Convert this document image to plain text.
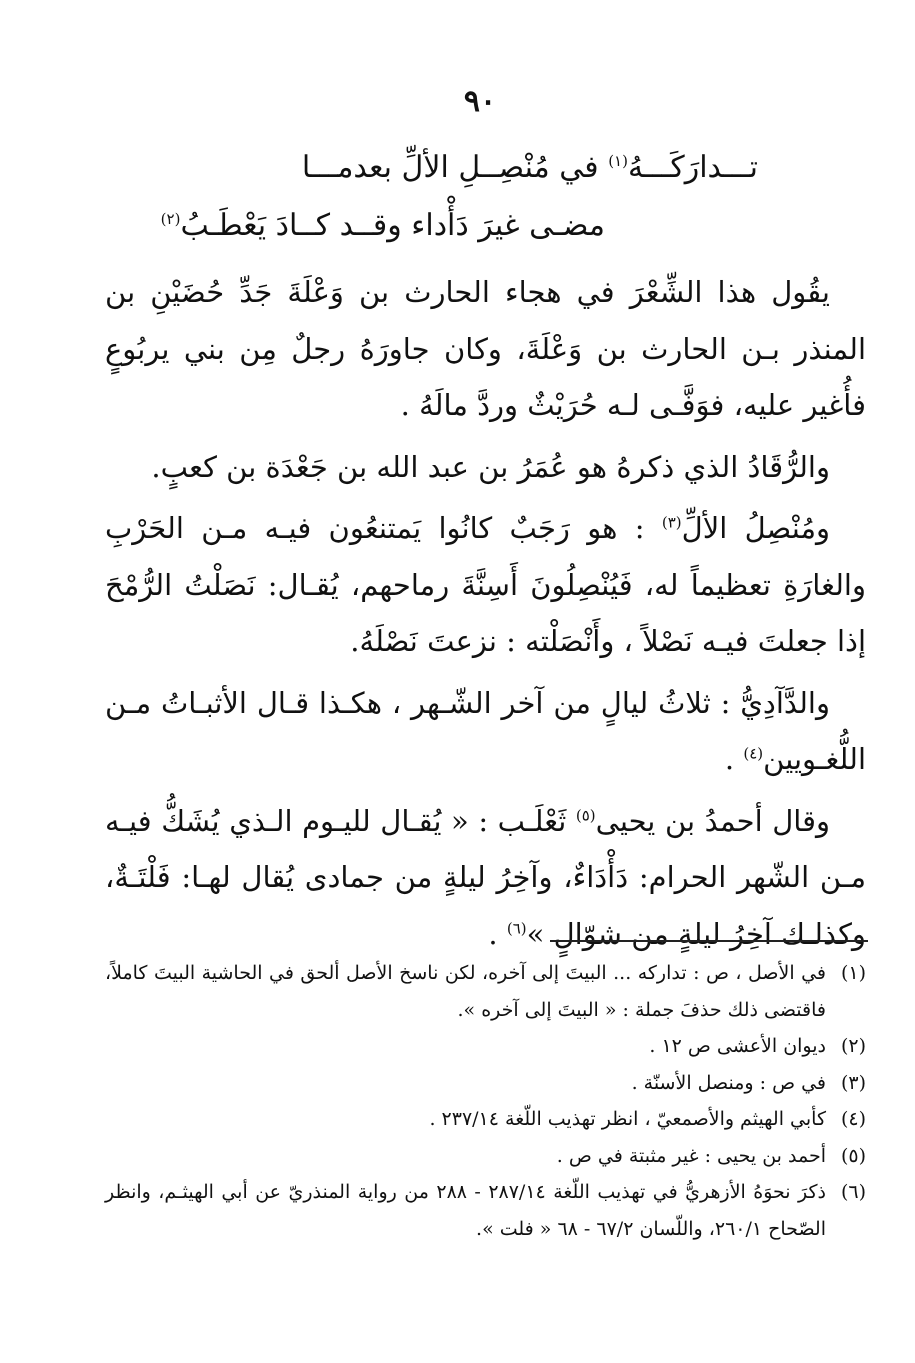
٩٠
تـــدارَكَـــهُ$^{(١)}$ في مُنْصِــلِ الألِّ بعدمـــا
مضـى غيرَ دَأْداء وقــد كــادَ يَعْطَـبُ$^{(٢)}$

يقُول هذا الشِّعْرَ في هجاء الحارث بن وَعْلَةَ جَدِّ حُضَيْنِ بن المنذر بـن الحارث بن وَعْلَةَ، وكان جاورَهُ رجلٌ مِن بني يربُوعٍ فأُغير عليه، فوَفَّـى لـه حُرَيْثٌ وردَّ مالَهُ .

والرُّقَادُ الذي ذكرهُ هو عُمَرُ بن عبد الله بن جَعْدَة بن كعبٍ.

ومُنْصِلُ الألِّ$^{(٣)}$ : هو رَجَبٌ كانُوا يَمتنعُون فيـه مـن الحَرْبِ والغارَةِ تعظيماً له، فَيُنْصِلُونَ أَسِنَّةَ رماحهم، يُقـال: نَصَلْتُ الرُّمْحَ إذا جعلتَ فيـه نَصْلاً ، وأَنْصَلْته : نزعتَ نَصْلَهُ.

والدَّآدِيُّ : ثلاثُ ليالٍ من آخر الشّـهر ، هكـذا قـال الأثبـاتُ مـن اللُّغـويين$^{(٤)}$ .

وقال أحمدُ بن يحيى$^{(٥)}$ ثَعْلَـب : « يُقـال لليـوم الـذي يُشَكُّ فيـه مـن الشّهر الحرام: دَأْدَاءٌ، وآخِرُ ليلةٍ من جمادى يُقال لهـا: فَلْتَـةٌ، وكذلـك آخِرُ ليلةٍ من شوّالٍ »$^{(٦)}$ .

(١)في الأصل ، ص : تداركه ... البيتَ إلى آخره، لكن ناسخ الأصل ألحق في الحاشية البيتَ كاملاً، فاقتضى ذلك حذفَ جملة : « البيتَ إلى آخره ».

(٢)ديوان الأعشى ص ١٢ .

(٣)في ص : ومنصل الأسنّة .

(٤)كأبي الهيثم والأصمعيّ ، انظر تهذيب اللّغة ٢٣٧/١٤ .

(٥)أحمد بن يحيى : غير مثبتة في ص .

(٦)ذكرَ نحوَهُ الأزهريُّ في تهذيب اللّغة ٢٨٧/١٤ - ٢٨٨ من رواية المنذريّ عن أبي الهيثـم، وانظر الصّحاح ٢٦٠/١، واللّسان ٦٧/٢ - ٦٨ « فلت ».
